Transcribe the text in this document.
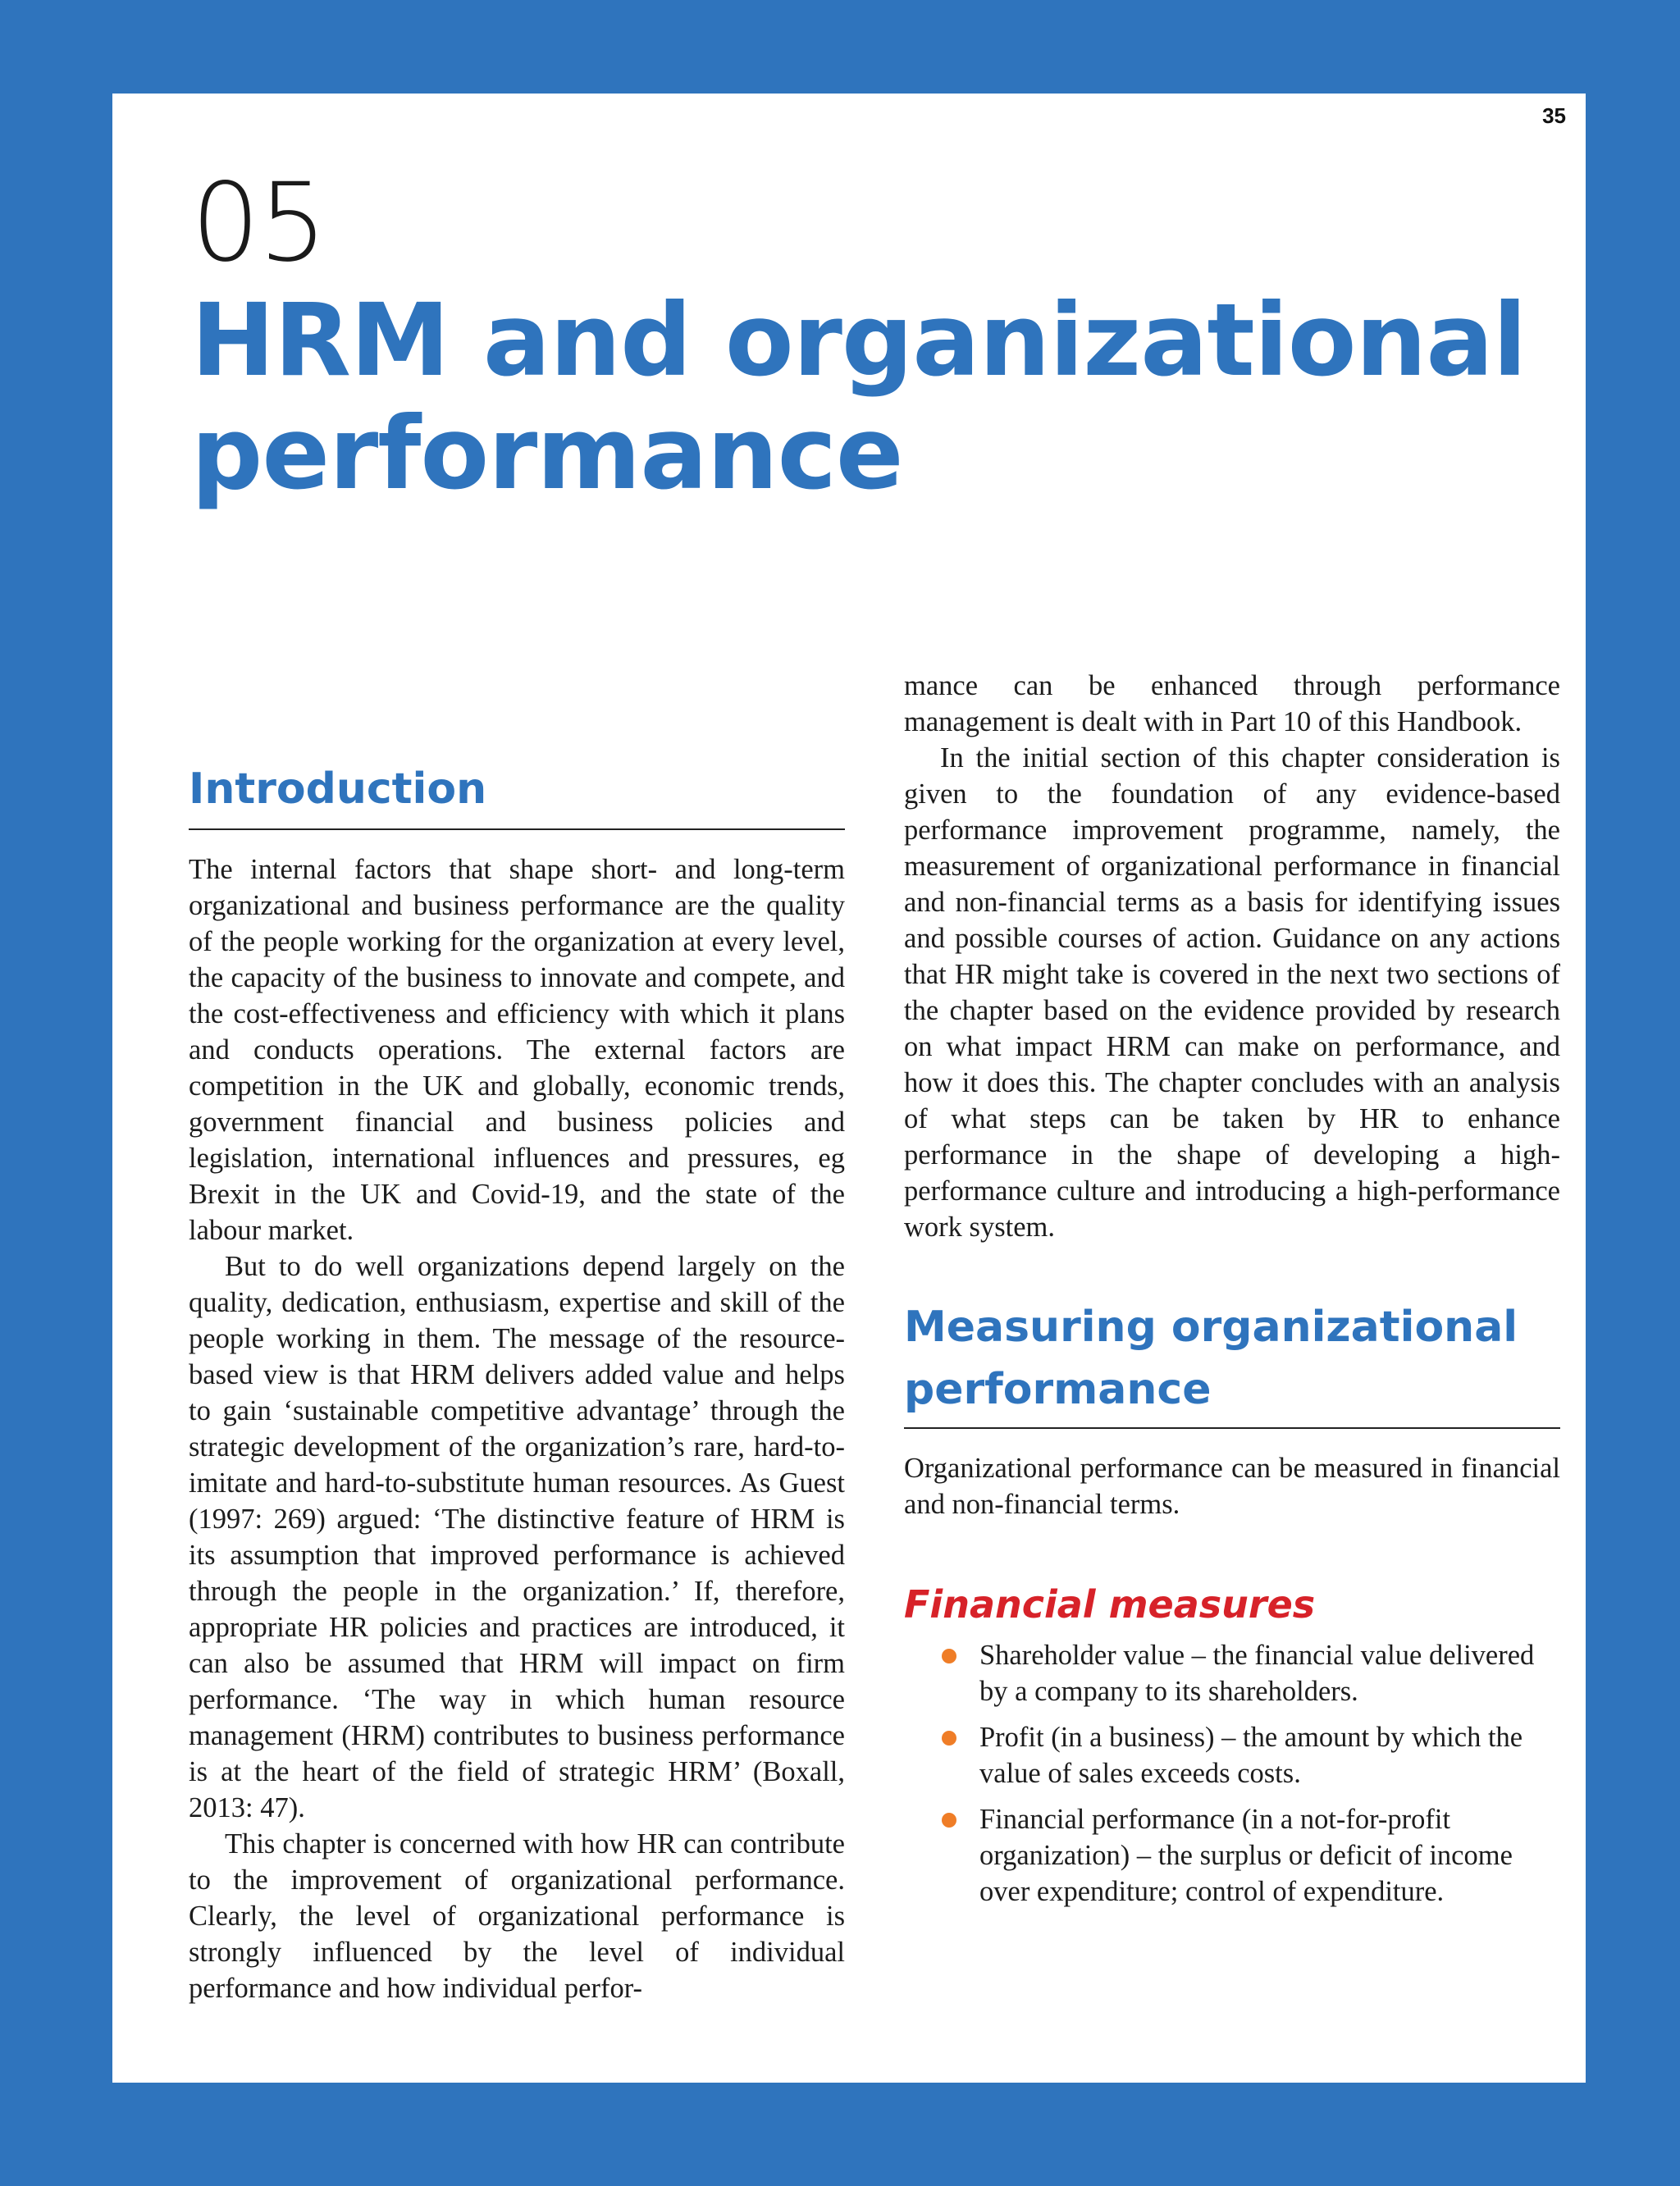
35
05
HRM and organizational performance
Introduction

The internal factors that shape short- and long-term organizational and business performance are the quality of the people working for the organization at every level, the capacity of the business to innovate and compete, and the cost-effectiveness and efficiency with which it plans and conducts operations. The external factors are competition in the UK and globally, economic trends, government financial and business policies and legislation, international influences and pressures, eg Brexit in the UK and Covid-19, and the state of the labour market.

But to do well organizations depend largely on the quality, dedication, enthusiasm, expertise and skill of the people working in them. The message of the resource-based view is that HRM delivers added value and helps to gain ‘sustainable competitive advantage’ through the strategic development of the organization’s rare, hard-to-imitate and hard-to-substitute human resources. As Guest (1997: 269) argued: ‘The distinctive feature of HRM is its assumption that improved performance is achieved through the people in the organization.’ If, therefore, appropriate HR policies and practices are introduced, it can also be assumed that HRM will impact on firm performance. ‘The way in which human resource management (HRM) contributes to business performance is at the heart of the field of strategic HRM’ (Boxall, 2013: 47).

This chapter is concerned with how HR can contribute to the improvement of organizational performance. Clearly, the level of organizational performance is strongly influenced by the level of individual performance and how individual perfor-

mance can be enhanced through performance management is dealt with in Part 10 of this Handbook.

In the initial section of this chapter consideration is given to the foundation of any evidence-based performance improvement programme, namely, the measurement of organizational performance in financial and non-financial terms as a basis for identifying issues and possible courses of action. Guidance on any actions that HR might take is covered in the next two sections of the chapter based on the evidence provided by research on what impact HRM can make on performance, and how it does this. The chapter concludes with an analysis of what steps can be taken by HR to enhance performance in the shape of developing a high-performance culture and introducing a high-performance work system.

Measuring organizational performance

Organizational performance can be measured in financial and non-financial terms.

Financial measures
Shareholder value – the financial value delivered by a company to its shareholders.
Profit (in a business) – the amount by which the value of sales exceeds costs.
Financial performance (in a not-for-profit organization) – the surplus or deficit of income over expenditure; control of expenditure.
